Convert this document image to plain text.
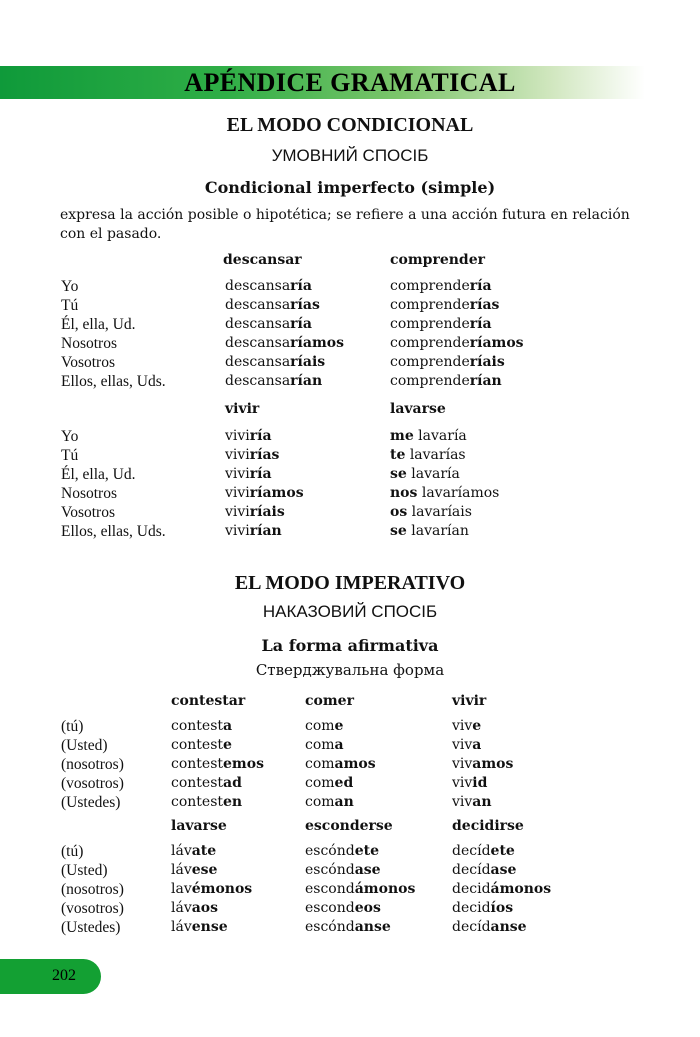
APÉNDICE GRAMATICAL
EL MODO CONDICIONAL
УМОВНИЙ СПОСІБ
Condicional imperfecto (simple)
expresa la acción posible o hipotética; se refiere a una acción futura en relación con el pasado.
descansar	comprender
Yo	descansaría	comprendería
Tú	descansarías	comprenderías
Él, ella, Ud.	descansaría	comprendería
Nosotros	descansaríamos	comprenderíamos
Vosotros	descansaríais	comprenderíais
Ellos, ellas, Uds.	descansarían	comprenderían
vivir	lavarse
Yo	viviría	me lavaría
Tú	vivirías	te lavarías
Él, ella, Ud.	viviría	se lavaría
Nosotros	viviríamos	nos lavaríamos
Vosotros	viviríais	os lavaríais
Ellos, ellas, Uds.	vivirían	se lavarían
EL MODO IMPERATIVO
НАКАЗОВИЙ СПОСІБ
La forma afirmativa
Стверджувальна форма
contestar	comer	vivir
(tú)	contesta	come	vive
(Usted)	conteste	coma	viva
(nosotros)	contestemos	comamos	vivamos
(vosotros)	contestad	comed	vivid
(Ustedes)	contesten	coman	vivan
lavarse	esconderse	decidirse
(tú)	lávate	escóndete	decídete
(Usted)	lávese	escóndase	decídase
(nosotros)	lavémonos	escondámonos	decidámonos
(vosotros)	lávaos	escondeos	decidíos
(Ustedes)	lávense	escóndanse	decídanse
202
